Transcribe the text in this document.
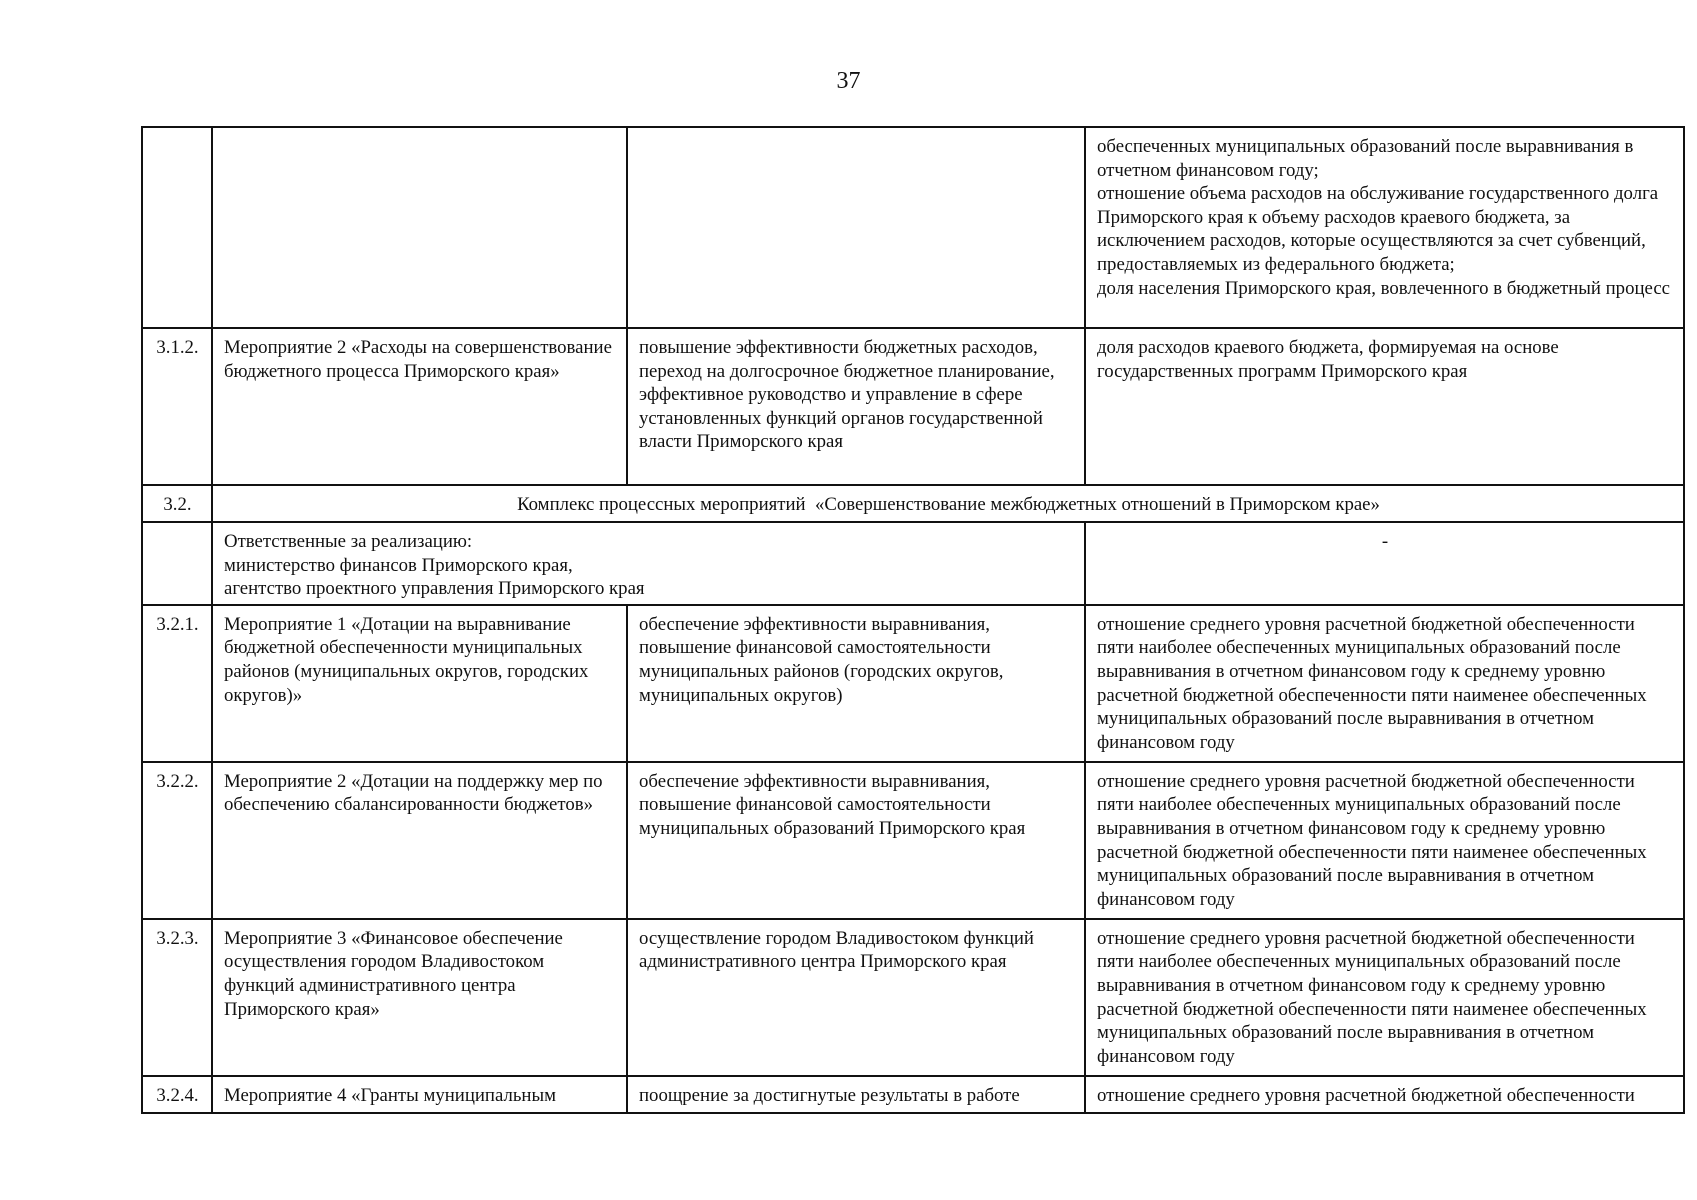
37
			обеспеченных муниципальных образований после выравнивания в отчетном финансовом году;
отношение объема расходов на обслуживание государственного долга Приморского края к объему расходов краевого бюджета, за исключением расходов, которые осуществляются за счет субвенций, предоставляемых из федерального бюджета;
доля населения Приморского края, вовлеченного в бюджетный процесс
3.1.2.	Мероприятие 2 «Расходы на совершенствование бюджетного процесса Приморского края»	повышение эффективности бюджетных расходов, переход на долгосрочное бюджетное планирование, эффективное руководство и управление в сфере установленных функций органов государственной власти Приморского края	доля расходов краевого бюджета, формируемая на основе государственных программ Приморского края
3.2.	Комплекс процессных мероприятий  «Совершенствование межбюджетных отношений в Приморском крае»		
	Ответственные за реализацию:
министерство финансов Приморского края,
агентство проектного управления Приморского края		-
3.2.1.	Мероприятие 1 «Дотации на выравнивание бюджетной обеспеченности муниципальных районов (муниципальных округов, городских округов)»	обеспечение эффективности выравнивания, повышение финансовой самостоятельности муниципальных районов (городских округов, муниципальных округов)	отношение среднего уровня расчетной бюджетной обеспеченности пяти наиболее обеспеченных муниципальных образований после выравнивания в отчетном финансовом году к среднему уровню расчетной бюджетной обеспеченности пяти наименее обеспеченных муниципальных образований после выравнивания в отчетном финансовом году
3.2.2.	Мероприятие 2 «Дотации на поддержку мер по обеспечению сбалансированности бюджетов»	обеспечение эффективности выравнивания, повышение финансовой самостоятельности муниципальных образований Приморского края	отношение среднего уровня расчетной бюджетной обеспеченности пяти наиболее обеспеченных муниципальных образований после выравнивания в отчетном финансовом году к среднему уровню расчетной бюджетной обеспеченности пяти наименее обеспеченных муниципальных образований после выравнивания в отчетном финансовом году
3.2.3.	Мероприятие 3 «Финансовое обеспечение осуществления городом Владивостоком функций административного центра Приморского края»	осуществление городом Владивостоком функций административного центра Приморского края	отношение среднего уровня расчетной бюджетной обеспеченности пяти наиболее обеспеченных муниципальных образований после выравнивания в отчетном финансовом году к среднему уровню расчетной бюджетной обеспеченности пяти наименее обеспеченных муниципальных образований после выравнивания в отчетном финансовом году
3.2.4.	Мероприятие 4 «Гранты муниципальным	поощрение за достигнутые результаты в работе	отношение среднего уровня расчетной бюджетной обеспеченности
